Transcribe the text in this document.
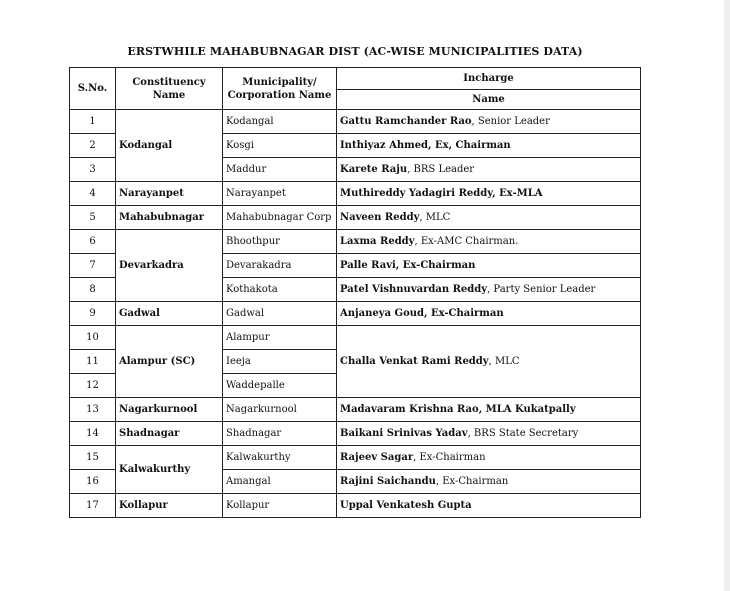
ERSTWHILE MAHABUBNAGAR DIST (AC-WISE MUNICIPALITIES DATA)
S.No.	Constituency Name	Municipality/ Corporation Name	Incharge
			Name
1	Kodangal	Kodangal	Gattu Ramchander Rao, Senior Leader
2		Kosgi	Inthiyaz Ahmed, Ex, Chairman
3		Maddur	Karete Raju, BRS Leader
4	Narayanpet	Narayanpet	Muthireddy Yadagiri Reddy, Ex-MLA
5	Mahabubnagar	Mahabubnagar Corp	Naveen Reddy, MLC
6	Devarkadra	Bhoothpur	Laxma Reddy, Ex-AMC Chairman.
7		Devarakadra	Palle Ravi, Ex-Chairman
8		Kothakota	Patel Vishnuvardan Reddy, Party Senior Leader
9	Gadwal	Gadwal	Anjaneya Goud, Ex-Chairman
10	Alampur (SC)	Alampur	Challa Venkat Rami Reddy, MLC
11		Ieeja	
12		Waddepalle	
13	Nagarkurnool	Nagarkurnool	Madavaram Krishna Rao, MLA Kukatpally
14	Shadnagar	Shadnagar	Baikani Srinivas Yadav, BRS State Secretary
15	Kalwakurthy	Kalwakurthy	Rajeev Sagar, Ex-Chairman
16		Amangal	Rajini Saichandu, Ex-Chairman
17	Kollapur	Kollapur	Uppal Venkatesh Gupta
